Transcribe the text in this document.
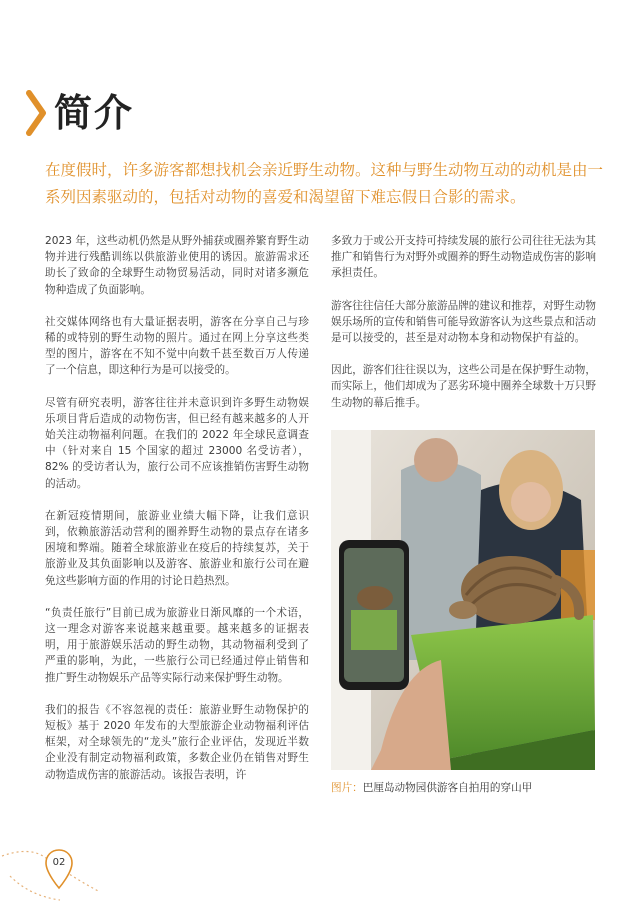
简介
在度假时，许多游客都想找机会亲近野生动物。这种与野生动物互动的动机是由一系列因素驱动的，包括对动物的喜爱和渴望留下难忘假日合影的需求。

2023 年，这些动机仍然是从野外捕获或圈养繁育野生动物并进行残酷训练以供旅游业使用的诱因。旅游需求还助长了致命的全球野生动物贸易活动，同时对诸多濒危物种造成了负面影响。

社交媒体网络也有大量证据表明，游客在分享自己与珍稀的或特别的野生动物的照片。通过在网上分享这些类型的图片，游客在不知不觉中向数千甚至数百万人传递了一个信息，即这种行为是可以接受的。

尽管有研究表明，游客往往并未意识到许多野生动物娱乐项目背后造成的动物伤害，但已经有越来越多的人开始关注动物福利问题。在我们的 2022 年全球民意调查中（针对来自 15 个国家的超过 23000 名受访者），82% 的受访者认为，旅行公司不应该推销伤害野生动物的活动。

在新冠疫情期间，旅游业业绩大幅下降，让我们意识到，依赖旅游活动营利的圈养野生动物的景点存在诸多困境和弊端。随着全球旅游业在疫后的持续复苏，关于旅游业及其负面影响以及游客、旅游业和旅行公司在避免这些影响方面的作用的讨论日趋热烈。

“负责任旅行”目前已成为旅游业日渐风靡的一个术语，这一理念对游客来说越来越重要。越来越多的证据表明，用于旅游娱乐活动的野生动物，其动物福利受到了严重的影响，为此，一些旅行公司已经通过停止销售和推广野生动物娱乐产品等实际行动来保护野生动物。

我们的报告《不容忽视的责任：旅游业野生动物保护的短板》基于 2020 年发布的大型旅游企业动物福利评估框架，对全球领先的“龙头”旅行企业评估，发现近半数企业没有制定动物福利政策，多数企业仍在销售对野生动物造成伤害的旅游活动。该报告表明，许

多致力于或公开支持可持续发展的旅行公司往往无法为其推广和销售行为对野外或圈养的野生动物造成伤害的影响承担责任。

游客往往信任大部分旅游品牌的建议和推荐，对野生动物娱乐场所的宣传和销售可能导致游客认为这些景点和活动是可以接受的，甚至是对动物本身和动物保护有益的。

因此，游客们往往误以为，这些公司是在保护野生动物，而实际上，他们却成为了恶劣环境中圈养全球数十万只野生动物的幕后推手。

图片：巴厘岛动物园供游客自拍用的穿山甲
02
